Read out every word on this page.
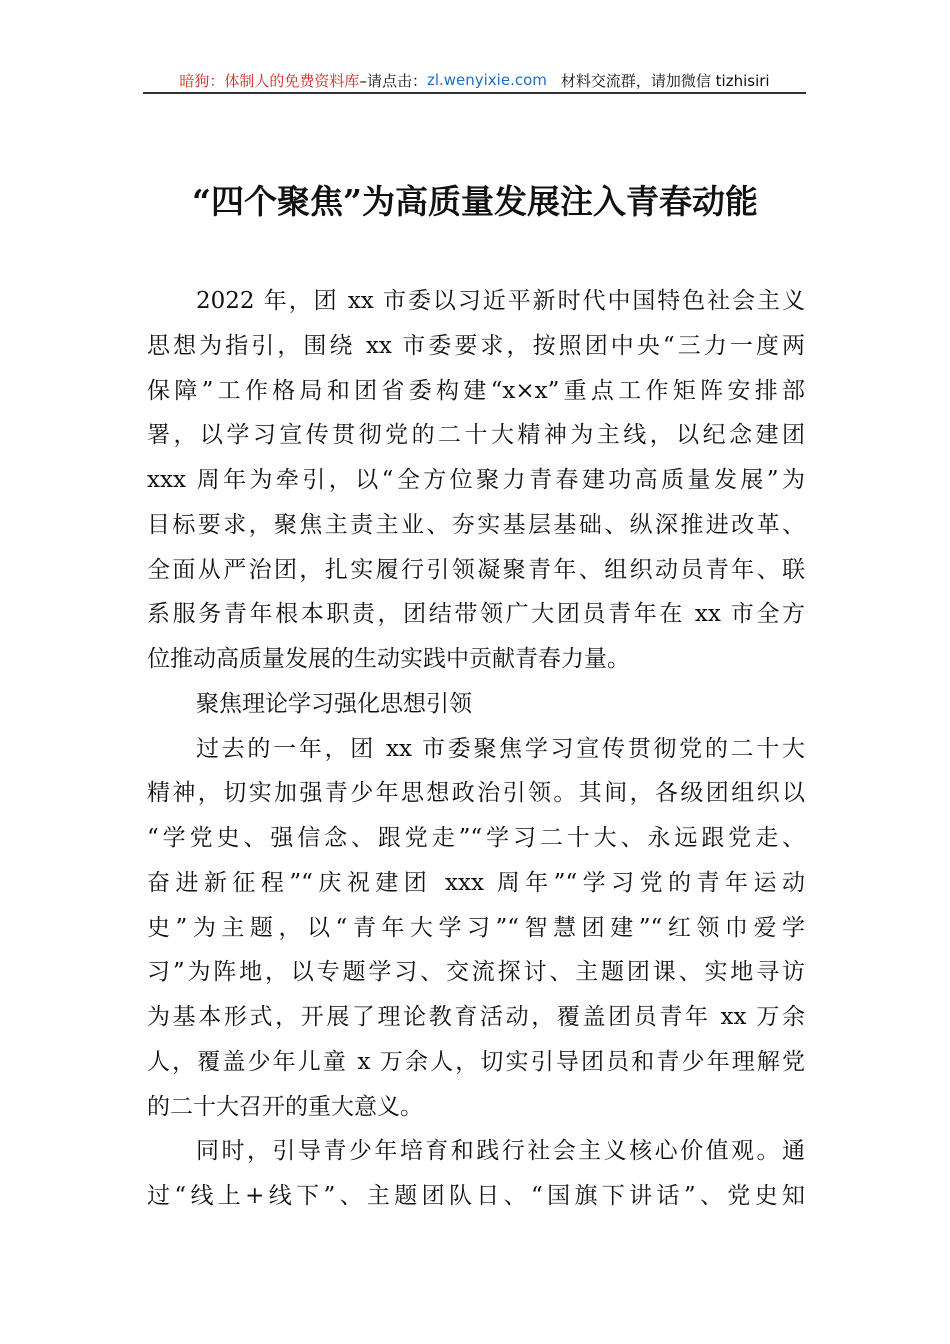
暗狗：体制人的免费资料库 –请点击： zl.wenyixie.com 材料交流群，请加微信 tizhisiri
“四个聚焦”为高质量发展注入青春动能
2022 年，团 xx 市委以习近平新时代中国特色社会主义
思想为指引，围绕 xx 市委要求，按照团中央“三力一度两
保障”工作格局和团省委构建“x×x”重点工作矩阵安排部
署，以学习宣传贯彻党的二十大精神为主线，以纪念建团
xxx 周年为牵引，以“全方位聚力青春建功高质量发展”为
目标要求，聚焦主责主业、夯实基层基础、纵深推进改革、
全面从严治团，扎实履行引领凝聚青年、组织动员青年、联
系服务青年根本职责，团结带领广大团员青年在 xx 市全方
位推动高质量发展的生动实践中贡献青春力量。
聚焦理论学习强化思想引领
过去的一年，团 xx 市委聚焦学习宣传贯彻党的二十大
精神，切实加强青少年思想政治引领。其间，各级团组织以
“学党史、强信念、跟党走”“学习二十大、永远跟党走、
奋进新征程”“庆祝建团 xxx 周年”“学习党的青年运动
史”为主题，以“青年大学习”“智慧团建”“红领巾爱学
习”为阵地，以专题学习、交流探讨、主题团课、实地寻访
为基本形式，开展了理论教育活动，覆盖团员青年 xx 万余
人，覆盖少年儿童 x 万余人，切实引导团员和青少年理解党
的二十大召开的重大意义。
同时，引导青少年培育和践行社会主义核心价值观。通
过“线上+线下”、主题团队日、“国旗下讲话”、党史知
